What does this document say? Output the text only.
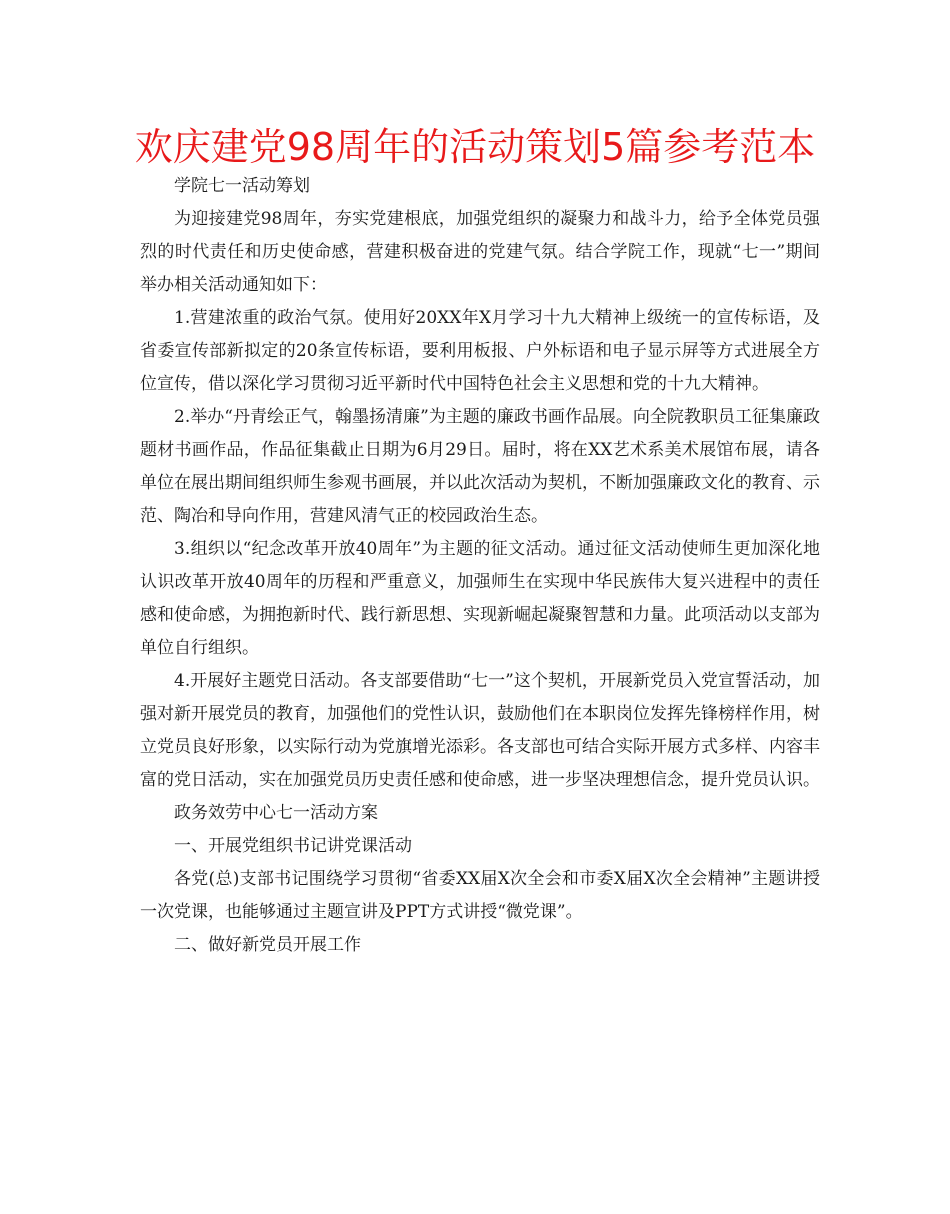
欢庆建党98周年的活动策划5篇参考范本

学院七一活动筹划

为迎接建党98周年，夯实党建根底，加强党组织的凝聚力和战斗力，给予全体党员强烈的时代责任和历史使命感，营建积极奋进的党建气氛。结合学院工作，现就“七一”期间举办相关活动通知如下：

1.营建浓重的政治气氛。使用好20XX年X月学习十九大精神上级统一的宣传标语，及省委宣传部新拟定的20条宣传标语，要利用板报、户外标语和电子显示屏等方式进展全方位宣传，借以深化学习贯彻习近平新时代中国特色社会主义思想和党的十九大精神。

2.举办“丹青绘正气，翰墨扬清廉”为主题的廉政书画作品展。向全院教职员工征集廉政题材书画作品，作品征集截止日期为6月29日。届时，将在XX艺术系美术展馆布展，请各单位在展出期间组织师生参观书画展，并以此次活动为契机，不断加强廉政文化的教育、示范、陶冶和导向作用，营建风清气正的校园政治生态。

3.组织以“纪念改革开放40周年”为主题的征文活动。通过征文活动使师生更加深化地认识改革开放40周年的历程和严重意义，加强师生在实现中华民族伟大复兴进程中的责任感和使命感，为拥抱新时代、践行新思想、实现新崛起凝聚智慧和力量。此项活动以支部为单位自行组织。

4.开展好主题党日活动。各支部要借助“七一”这个契机，开展新党员入党宣誓活动，加强对新开展党员的教育，加强他们的党性认识，鼓励他们在本职岗位发挥先锋榜样作用，树立党员良好形象，以实际行动为党旗增光添彩。各支部也可结合实际开展方式多样、内容丰富的党日活动，实在加强党员历史责任感和使命感，进一步坚决理想信念，提升党员认识。

政务效劳中心七一活动方案

一、开展党组织书记讲党课活动

各党(总)支部书记围绕学习贯彻“省委XX届X次全会和市委X届X次全会精神”主题讲授一次党课，也能够通过主题宣讲及PPT方式讲授“微党课”。

二、做好新党员开展工作
